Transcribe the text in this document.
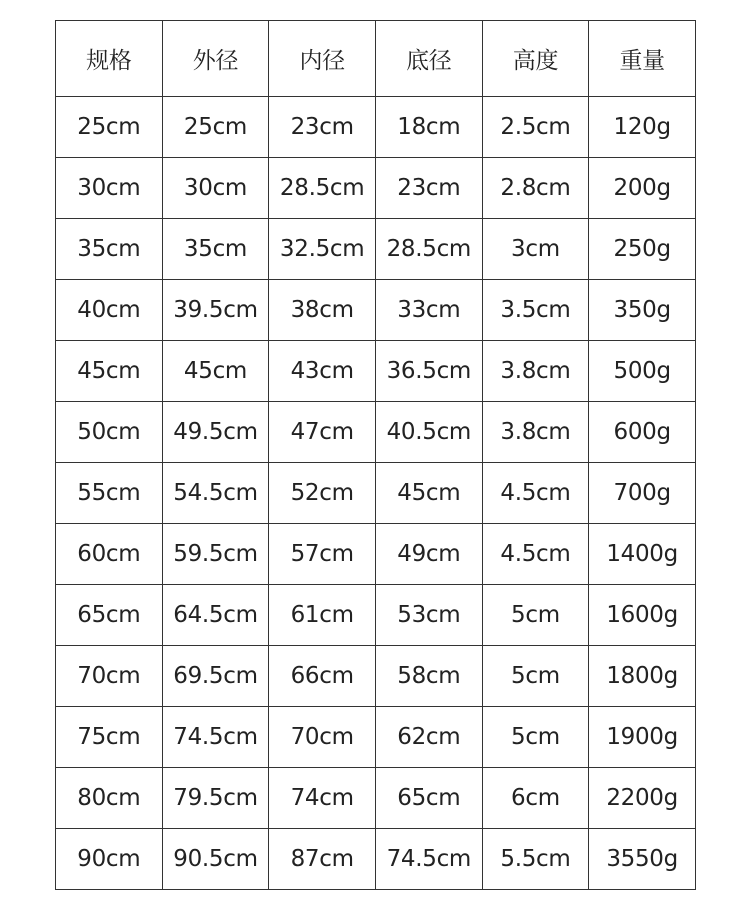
规格	外径	内径	底径	高度	重量
25cm	25cm	23cm	18cm	2.5cm	120g
30cm	30cm	28.5cm	23cm	2.8cm	200g
35cm	35cm	32.5cm	28.5cm	3cm	250g
40cm	39.5cm	38cm	33cm	3.5cm	350g
45cm	45cm	43cm	36.5cm	3.8cm	500g
50cm	49.5cm	47cm	40.5cm	3.8cm	600g
55cm	54.5cm	52cm	45cm	4.5cm	700g
60cm	59.5cm	57cm	49cm	4.5cm	1400g
65cm	64.5cm	61cm	53cm	5cm	1600g
70cm	69.5cm	66cm	58cm	5cm	1800g
75cm	74.5cm	70cm	62cm	5cm	1900g
80cm	79.5cm	74cm	65cm	6cm	2200g
90cm	90.5cm	87cm	74.5cm	5.5cm	3550g
